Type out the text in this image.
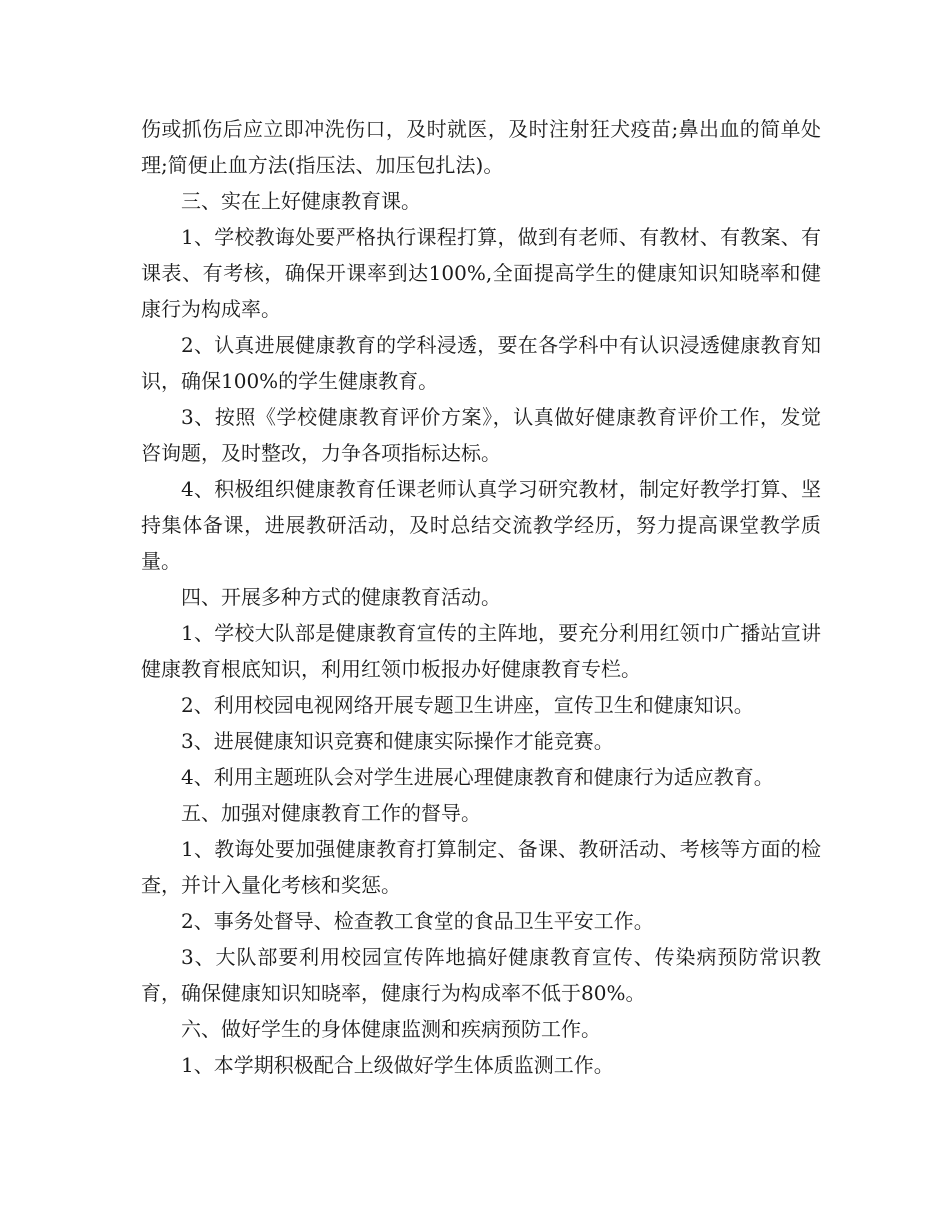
伤或抓伤后应立即冲洗伤口，及时就医，及时注射狂犬疫苗;鼻出血的简单处理;简便止血方法(指压法、加压包扎法)。

三、实在上好健康教育课。

1、学校教诲处要严格执行课程打算，做到有老师、有教材、有教案、有课表、有考核，确保开课率到达100%,全面提高学生的健康知识知晓率和健康行为构成率。

2、认真进展健康教育的学科浸透，要在各学科中有认识浸透健康教育知识，确保100%的学生健康教育。

3、按照《学校健康教育评价方案》，认真做好健康教育评价工作，发觉咨询题，及时整改，力争各项指标达标。

4、积极组织健康教育任课老师认真学习研究教材，制定好教学打算、坚持集体备课，进展教研活动，及时总结交流教学经历，努力提高课堂教学质量。

四、开展多种方式的健康教育活动。

1、学校大队部是健康教育宣传的主阵地，要充分利用红领巾广播站宣讲健康教育根底知识，利用红领巾板报办好健康教育专栏。

2、利用校园电视网络开展专题卫生讲座，宣传卫生和健康知识。

3、进展健康知识竞赛和健康实际操作才能竞赛。

4、利用主题班队会对学生进展心理健康教育和健康行为适应教育。

五、加强对健康教育工作的督导。

1、教诲处要加强健康教育打算制定、备课、教研活动、考核等方面的检查，并计入量化考核和奖惩。

2、事务处督导、检查教工食堂的食品卫生平安工作。

3、大队部要利用校园宣传阵地搞好健康教育宣传、传染病预防常识教育，确保健康知识知晓率，健康行为构成率不低于80%。

六、做好学生的身体健康监测和疾病预防工作。

1、本学期积极配合上级做好学生体质监测工作。
